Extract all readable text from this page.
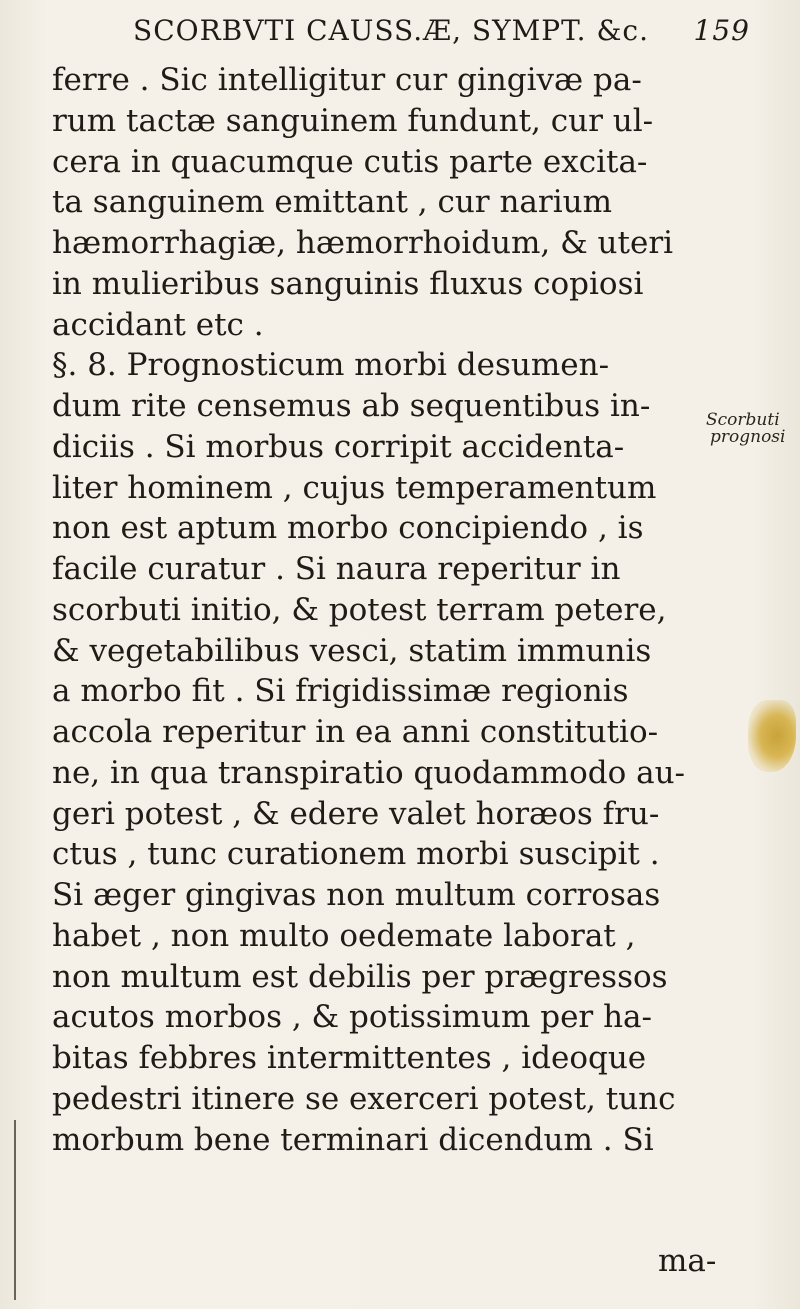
SCORBVTI CAUSS.Æ, SYMPT. &c. 159
ferre . Sic intelligitur cur gingivæ pa-
rum tactæ sanguinem fundunt, cur ul-
cera in quacumque cutis parte excita-
ta sanguinem emittant , cur narium
hæmorrhagiæ, hæmorrhoidum, & uteri
in mulieribus sanguinis fluxus copiosi
accidant etc .
§. 8. Prognosticum morbi desumen-
dum rite censemus ab sequentibus in-
diciis . Si morbus corripit accidenta-
liter hominem , cujus temperamentum
non est aptum morbo concipiendo , is
facile curatur . Si naura reperitur in
scorbuti initio, & potest terram petere,
& vegetabilibus vesci, statim immunis
a morbo fit . Si frigidissimæ regionis
accola reperitur in ea anni constitutio-
ne, in qua transpiratio quodammodo au-
geri potest , & edere valet horæos fru-
ctus , tunc curationem morbi suscipit .
Si æger gingivas non multum corrosas
habet , non multo oedemate laborat ,
non multum est debilis per prægressos
acutos morbos , & potissimum per ha-
bitas febbres intermittentes , ideoque
pedestri itinere se exerceri potest, tunc
morbum bene terminari dicendum . Si
ma-
Scorbuti
prognosi
